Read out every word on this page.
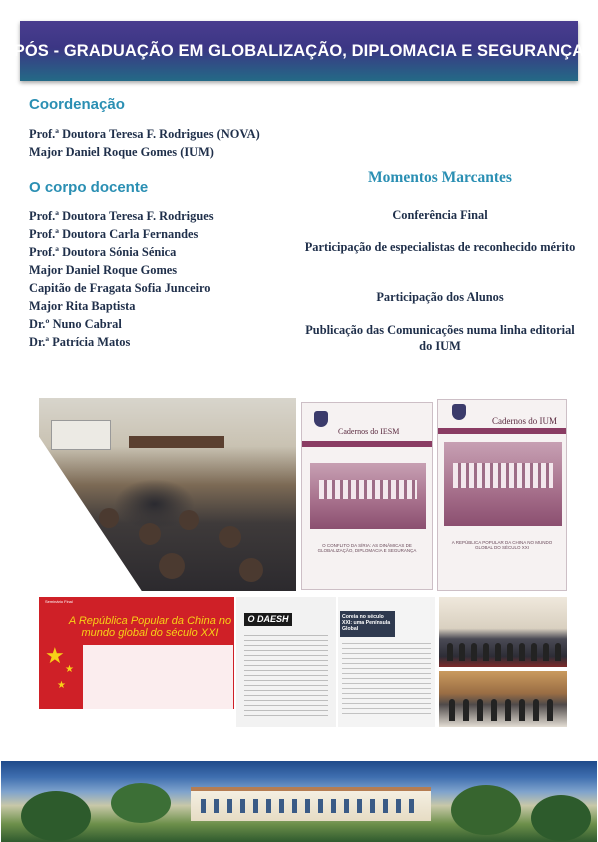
PÓS - GRADUAÇÃO EM GLOBALIZAÇÃO, DIPLOMACIA E SEGURANÇA
Coordenação
Prof.ª Doutora Teresa F. Rodrigues (NOVA)
Major Daniel Roque Gomes (IUM)
O corpo docente
Prof.ª Doutora Teresa F. Rodrigues
Prof.ª Doutora Carla Fernandes
Prof.ª Doutora Sónia Sénica
Major Daniel Roque Gomes
Capitão de Fragata Sofia Junceiro
Major Rita Baptista
Dr.º Nuno Cabral
Dr.ª Patrícia Matos
Momentos Marcantes
Conferência Final
Participação de especialistas de reconhecido mérito
Participação dos Alunos
Publicação das Comunicações numa linha editorial do IUM
Cadernos do IESM
O CONFLITO DA SÍRIA: AS DINÂMICAS DE GLOBALIZAÇÃO, DIPLOMACIA E SEGURANÇA
Cadernos do IUM
A REPÚBLICA POPULAR DA CHINA NO MUNDO GLOBAL DO SÉCULO XXI
Seminário Final
A República Popular da China no mundo global do século XXI
★
★
★
O DAESH	Coreia no século XXI: uma Península Global
